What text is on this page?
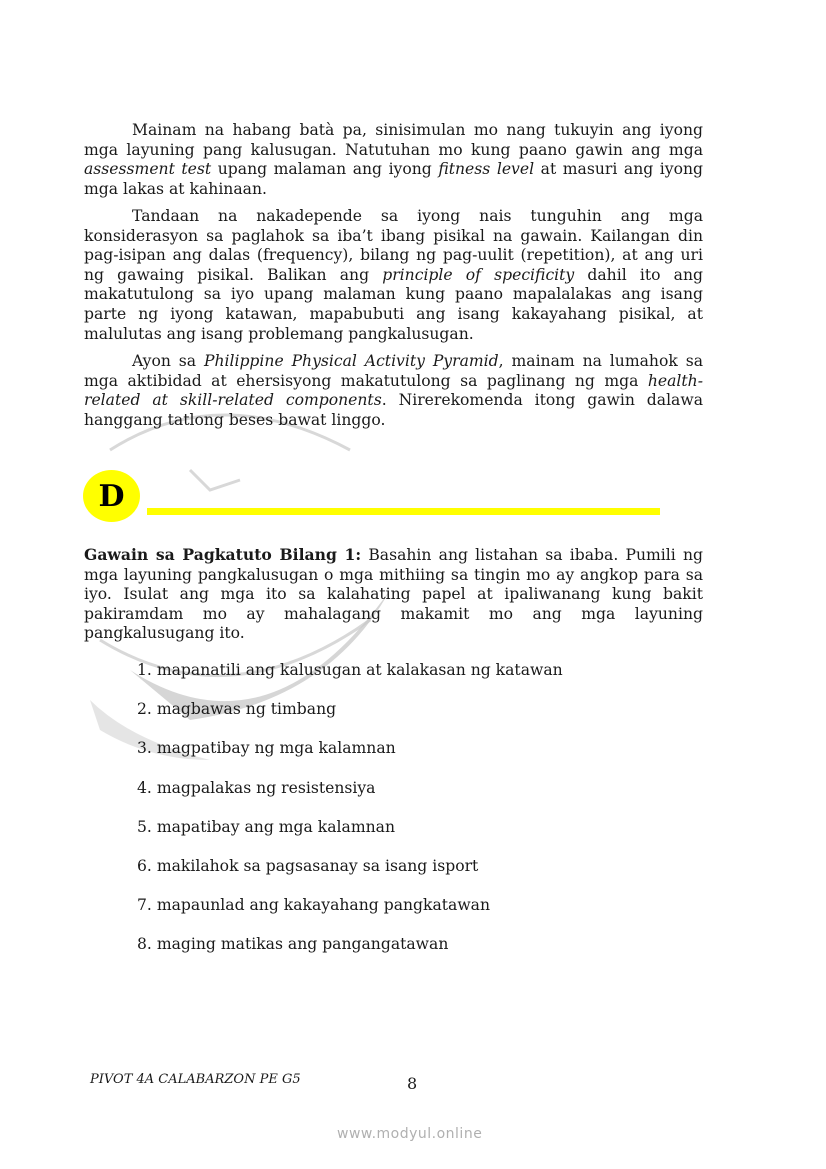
Mainam na habang batà pa, sinisimulan mo nang tukuyin ang iyong mga layuning pang kalusugan. Natutuhan mo kung paano gawin ang mga assessment test upang malaman ang iyong fitness level at masuri ang iyong mga lakas at kahinaan.

Tandaan na nakadepende sa iyong nais tunguhin ang mga konsiderasyon sa paglahok sa iba’t ibang pisikal na gawain. Kailangan din pag-isipan ang dalas (frequency), bilang ng pag-uulit (repetition), at ang uri ng gawaing pisikal. Balikan ang principle of specificity dahil ito ang makatutulong sa iyo upang malaman kung paano mapalalakas ang isang parte ng iyong katawan, mapabubuti ang isang kakayahang pisikal, at malulutas ang isang problemang pangkalusugan.

Ayon sa Philippine Physical Activity Pyramid, mainam na lumahok sa mga aktibidad at ehersisyong makatutulong sa paglinang ng mga health-related at skill-related components. Nirerekomenda itong gawin dalawa hanggang tatlong beses bawat linggo.

D

Gawain sa Pagkatuto Bilang 1: Basahin ang listahan sa ibaba. Pumili ng mga layuning pangkalusugan o mga mithiing sa tingin mo ay angkop para sa iyo. Isulat ang mga ito sa kalahating papel at ipaliwanang kung bakit pakiramdam mo ay mahalagang makamit mo ang mga layuning pangkalusugang ito.

1. mapanatili ang kalusugan at kalakasan ng katawan
2. magbawas ng timbang
3. magpatibay ng mga kalamnan
4. magpalakas ng resistensiya
5. mapatibay ang mga kalamnan
6. makilahok sa pagsasanay sa isang isport
7. mapaunlad ang kakayahang pangkatawan
8. maging matikas ang pangangatawan
PIVOT 4A CALABARZON PE G5	8
www.modyul.online
